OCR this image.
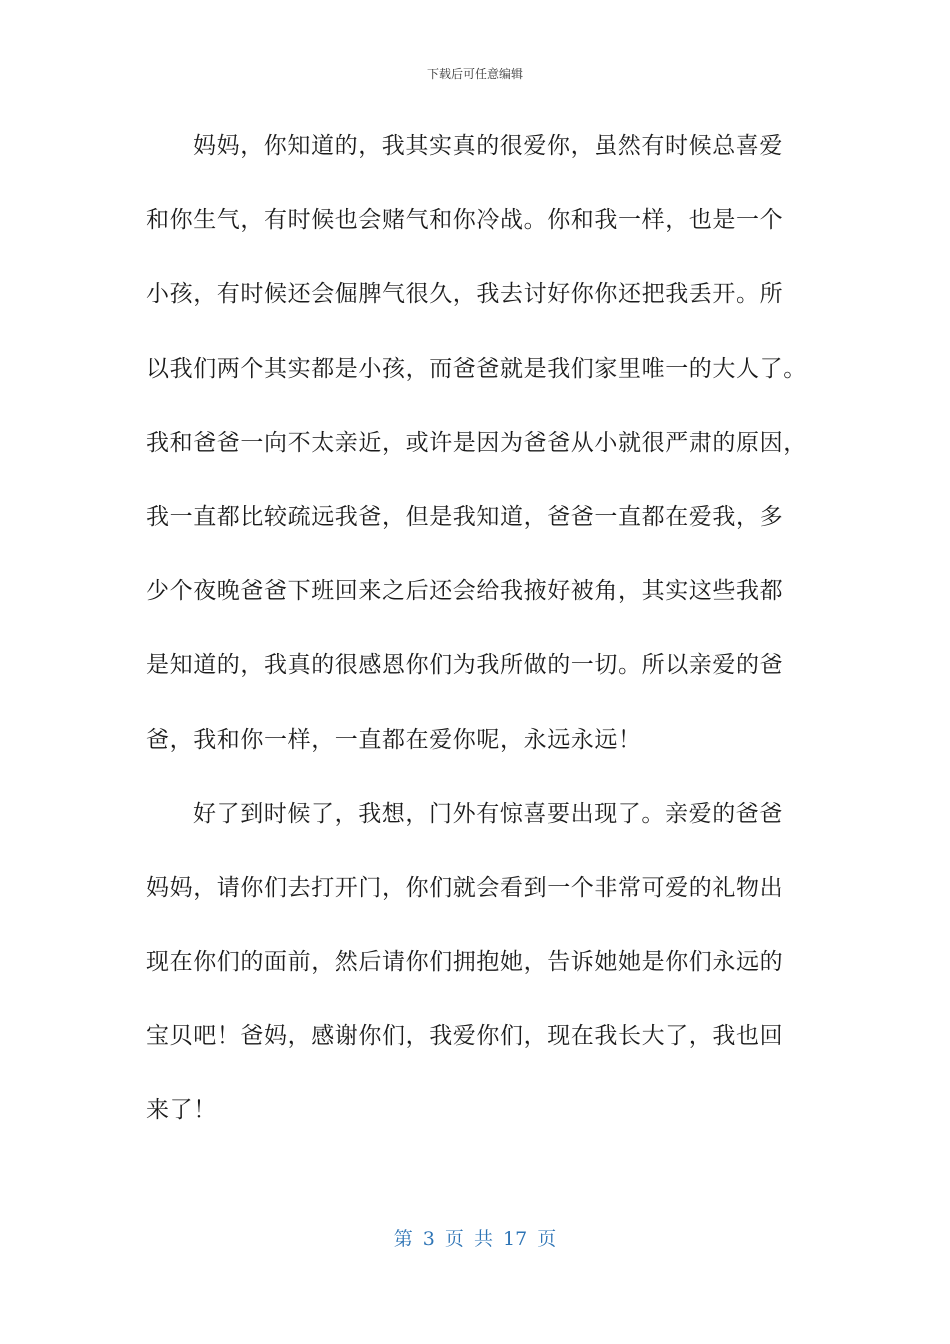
下载后可任意编辑
妈妈，你知道的，我其实真的很爱你，虽然有时候总喜爱
和你生气，有时候也会赌气和你冷战。你和我一样，也是一个
小孩，有时候还会倔脾气很久，我去讨好你你还把我丢开。所
以我们两个其实都是小孩，而爸爸就是我们家里唯一的大人了。
我和爸爸一向不太亲近，或许是因为爸爸从小就很严肃的原因，
我一直都比较疏远我爸，但是我知道，爸爸一直都在爱我，多
少个夜晚爸爸下班回来之后还会给我掖好被角，其实这些我都
是知道的，我真的很感恩你们为我所做的一切。所以亲爱的爸
爸，我和你一样，一直都在爱你呢，永远永远！
好了到时候了，我想，门外有惊喜要出现了。亲爱的爸爸
妈妈，请你们去打开门，你们就会看到一个非常可爱的礼物出
现在你们的面前，然后请你们拥抱她，告诉她她是你们永远的
宝贝吧！爸妈，感谢你们，我爱你们，现在我长大了，我也回
来了！
第 3 页 共 17 页
